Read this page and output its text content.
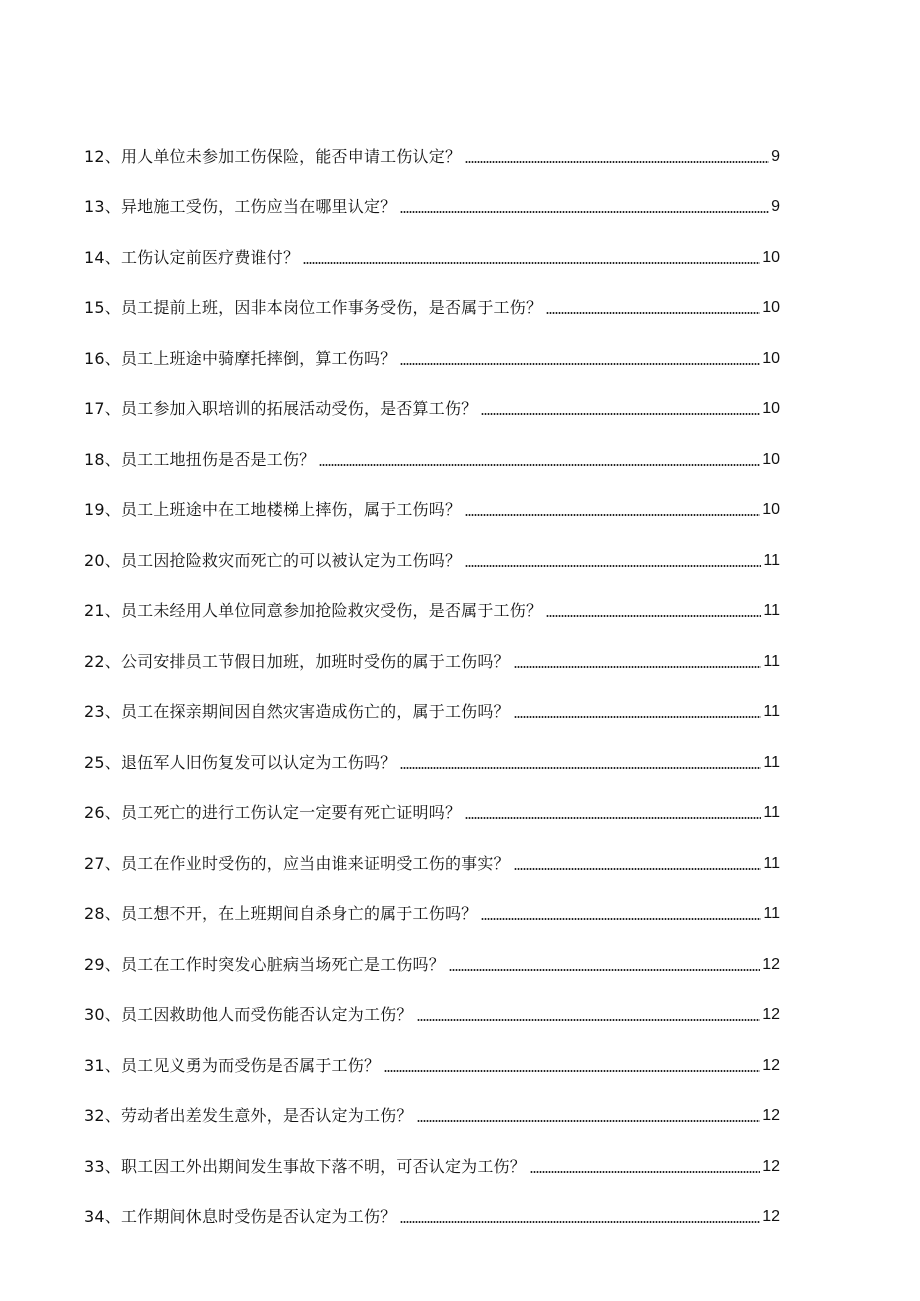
12、用人单位未参加工伤保险，能否申请工伤认定？	9
13、异地施工受伤，工伤应当在哪里认定？	9
14、工伤认定前医疗费谁付？	10
15、员工提前上班，因非本岗位工作事务受伤，是否属于工伤？	10
16、员工上班途中骑摩托摔倒，算工伤吗？	10
17、员工参加入职培训的拓展活动受伤，是否算工伤？	10
18、员工工地扭伤是否是工伤？	10
19、员工上班途中在工地楼梯上摔伤，属于工伤吗？	10
20、员工因抢险救灾而死亡的可以被认定为工伤吗？	11
21、员工未经用人单位同意参加抢险救灾受伤，是否属于工伤？	11
22、公司安排员工节假日加班，加班时受伤的属于工伤吗？	11
23、员工在探亲期间因自然灾害造成伤亡的，属于工伤吗？	11
25、退伍军人旧伤复发可以认定为工伤吗？	11
26、员工死亡的进行工伤认定一定要有死亡证明吗？	11
27、员工在作业时受伤的，应当由谁来证明受工伤的事实？	11
28、员工想不开，在上班期间自杀身亡的属于工伤吗？	11
29、员工在工作时突发心脏病当场死亡是工伤吗？	12
30、员工因救助他人而受伤能否认定为工伤？	12
31、员工见义勇为而受伤是否属于工伤？	12
32、劳动者出差发生意外，是否认定为工伤？	12
33、职工因工外出期间发生事故下落不明，可否认定为工伤？	12
34、工作期间休息时受伤是否认定为工伤？	12
